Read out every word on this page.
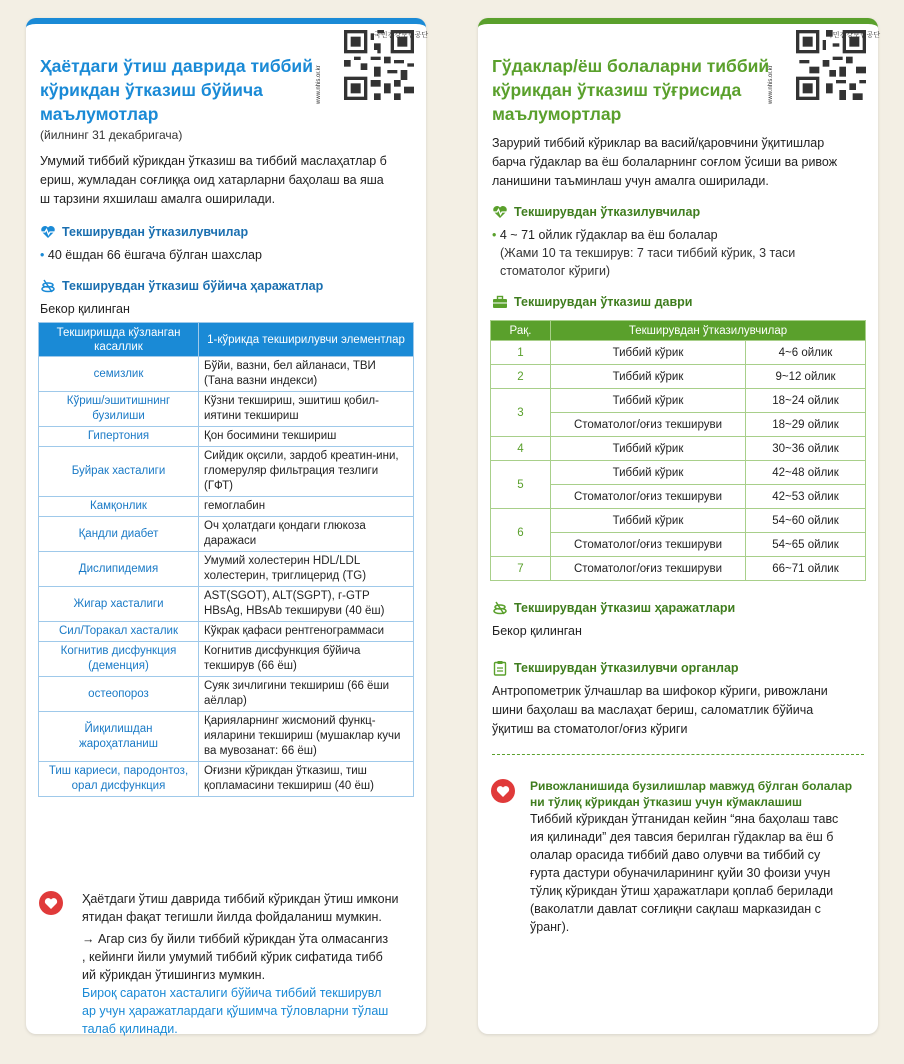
www.nhis.or.kr
국민건강보험공단
Ҳаётдаги ўтиш даврида тиббий
кўрикдан ўтказиш бўйича
маълумотлар
(йилнинг 31 декабригача)
Умумий тиббий кўрикдан ўтказиш ва тиббий маслаҳатлар б
ериш, жумладан соғлиққа оид хатарларни баҳолаш ва яша
ш тарзини яхшилаш амалга оширилади.
Текширувдан ўтказилувчилар
• 40 ёшдан 66 ёшгача бўлган шахслар
Текширувдан ўтказиш бўйича ҳаражатлар
Бекор қилинган
Текширишда кўзланган касаллик	1-кўрикда текширилувчи элементлар
семизлик	Бўйи, вазни, бел айланаси, ТВИ (Тана вазни индекси)
Кўриш/эшитишнинг бузилиши	Кўзни текшириш, эшитиш қобил-иятини текшириш
Гипертония	Қон босимини текшириш
Буйрак хасталиги	Сийдик оқсили, зардоб креатин-ини, гломеруляр фильтрация тезлиги (ГФТ)
Камқонлик	гемоглабин
Қандли диабет	Оч ҳолатдаги қондаги глюкоза даражаси
Дислипидемия	Умумий холестерин HDL/LDL холестерин, триглицерид (TG)
Жигар хасталиги	AST(SGOT), ALT(SGPT), г-GTP HBsAg, HBsAb текшируви (40 ёш)
Сил/Торакал хасталик	Кўкрак қафаси рентгенограммаси
Когнитив дисфункция (деменция)	Когнитив дисфункция бўйича текширув (66 ёш)
остеопороз	Суяк зичлигини текшириш (66 ёши аёллар)
Йиқилишдан жароҳатланиш	Қарияларнинг жисмоний функц-ияларини текшириш (мушаклар кучи ва мувозанат: 66 ёш)
Тиш кариеси, пародонтоз, орал дисфункция	Оғизни кўрикдан ўтказиш, тиш қопламасини текшириш (40 ёш)
Ҳаётдаги ўтиш даврида тиббий кўрикдан ўтиш имкони
ятидан фақат тегишли йилда фойдаланиш мумкин.
→ Агар сиз бу йили тиббий кўрикдан ўта олмасангиз
, кейинги йили умумий тиббий кўрик сифатида тибб
ий кўрикдан ўтишингиз мумкин.
Бироқ саратон хасталиги бўйича тиббий текширувл
ар учун ҳаражатлардаги қўшимча тўловларни тўлаш
талаб қилинади.
국민건강보험공단
www.nhis.or.kr
Гўдаклар/ёш болаларни тиббий
кўрикдан ўтказиш тўғрисида
маълумортлар
Зарурий тиббий кўриклар ва васий/қаровчини ўқитишлар
барча гўдаклар ва ёш болаларнинг соғлом ўсиши ва ривож
ланишини таъминлаш учун амалга оширилади.
Текширувдан ўтказилувчилар
• 4 ~ 71 ойлик гўдаклар ва ёш болалар
(Жами 10 та текширув: 7 таси тиббий кўрик, 3 таси
стоматолог кўриги)
Текширувдан ўтказиш даври
Рақ.	Текширувдан ўтказилувчилар	
1	Тиббий кўрик	4~6 ойлик
2	Тиббий кўрик	9~12 ойлик
3	Тиббий кўрик	18~24 ойлик
	Стоматолог/оғиз текшируви	18~29 ойлик
4	Тиббий кўрик	30~36 ойлик
5	Тиббий кўрик	42~48 ойлик
	Стоматолог/оғиз текшируви	42~53 ойлик
6	Тиббий кўрик	54~60 ойлик
	Стоматолог/оғиз текшируви	54~65 ойлик
7	Стоматолог/оғиз текшируви	66~71 ойлик
Текширувдан ўтказиш ҳаражатлари
Бекор қилинган
Текширувдан ўтказилувчи органлар
Антропометрик ўлчашлар ва шифокор кўриги, ривожлани
шини баҳолаш ва маслаҳат бериш, саломатлик бўйича
ўқитиш ва стоматолог/оғиз кўриги
Ривожланишида бузилишлар мавжуд бўлган болалар
ни тўлиқ кўрикдан ўтказиш учун кўмаклашиш
Тиббий кўрикдан ўтганидан кейин “яна баҳолаш тавс
ия қилинади” дея тавсия берилган гўдаклар ва ёш б
олалар орасида тиббий даво олувчи ва тиббий су
ғурта дастури обуначиларининг қуйи 30 фоизи учун
тўлиқ кўрикдан ўтиш ҳаражатлари қоплаб берилади
(ваколатли давлат соғлиқни сақлаш марказидан с
ўранг).
